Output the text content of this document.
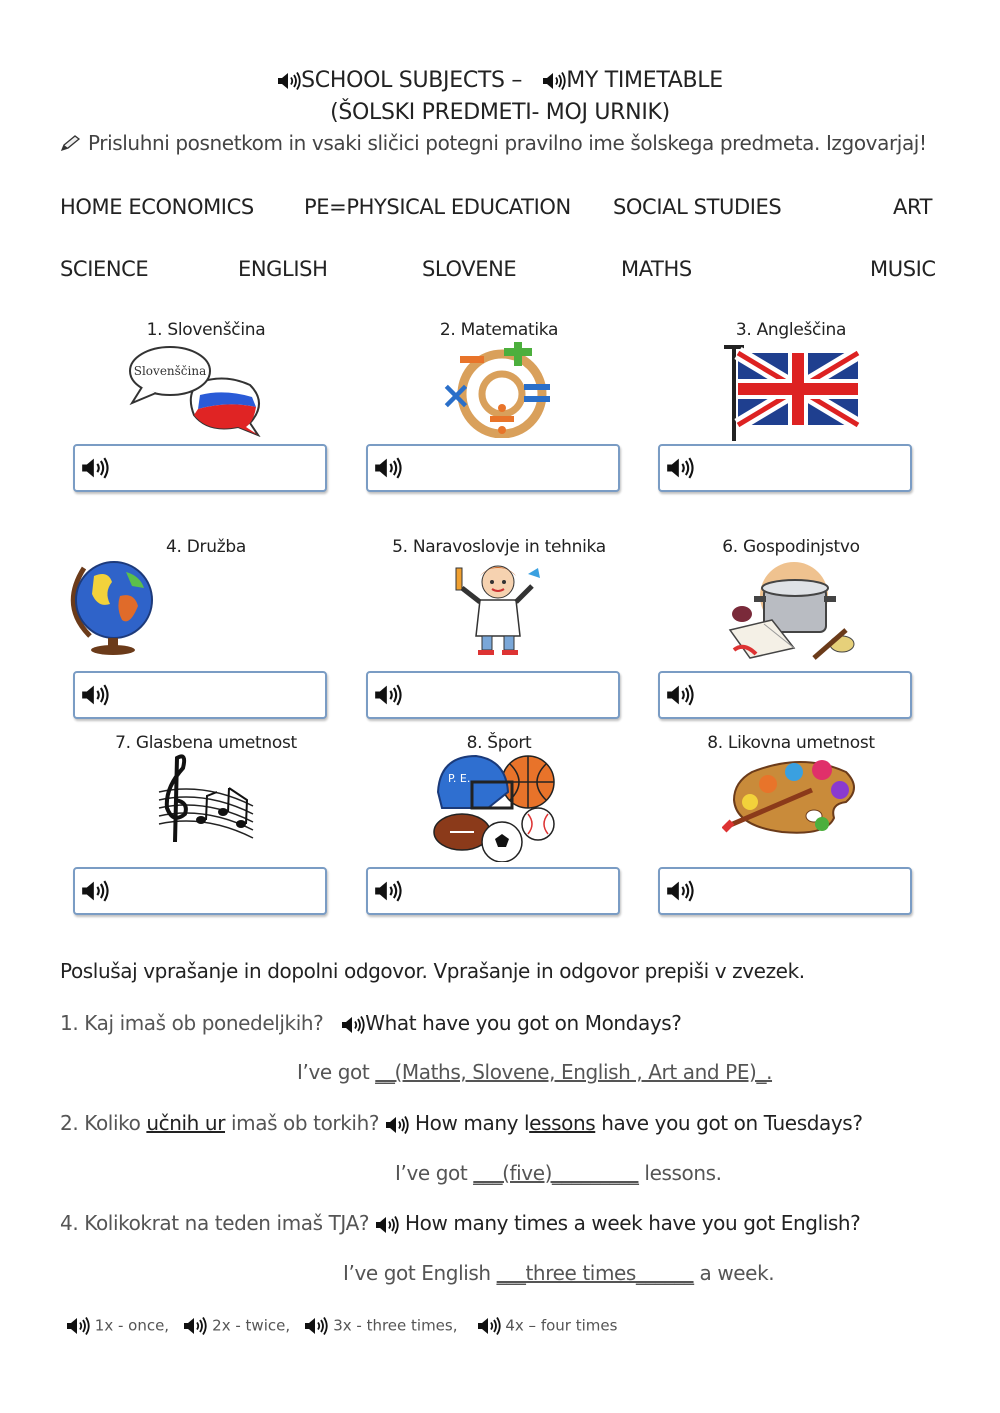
SCHOOL SUBJECTS – MY TIMETABLE
(ŠOLSKI PREDMETI- MOJ URNIK)
Prisluhni posnetkom in vsaki sličici potegni pravilno ime šolskega predmeta. Izgovarjaj!
HOME ECONOMICS PE=PHYSICAL EDUCATION SOCIAL STUDIES	ART
SCIENCE	ENGLISH	SLOVENE	MATHS	MUSIC
1. Slovenščina
Slovenščina
2. Matematika
×
3. Angleščina
4. Družba	5. Naravoslovje in tehnika	6. Gospodinjstvo
7. Glasbena umetnost	8. Šport
P. E.
8. Likovna umetnost
Poslušaj vprašanje in dopolni odgovor. Vprašanje in odgovor prepiši v zvezek.
1. Kaj imaš ob ponedeljkih? What have you got on Mondays?
I’ve got __(Maths, Slovene, English , Art and PE)_.
2. Koliko učnih ur imaš ob torkih? How many lessons have you got on Tuesdays?
I’ve got ___(five)_________ lessons.
4. Kolikokrat na teden imaš TJA? How many times a week have you got English?
I’ve got English ___three times______ a week.
1x - once,	2x - twice,	3x - three times,	4x – four times
